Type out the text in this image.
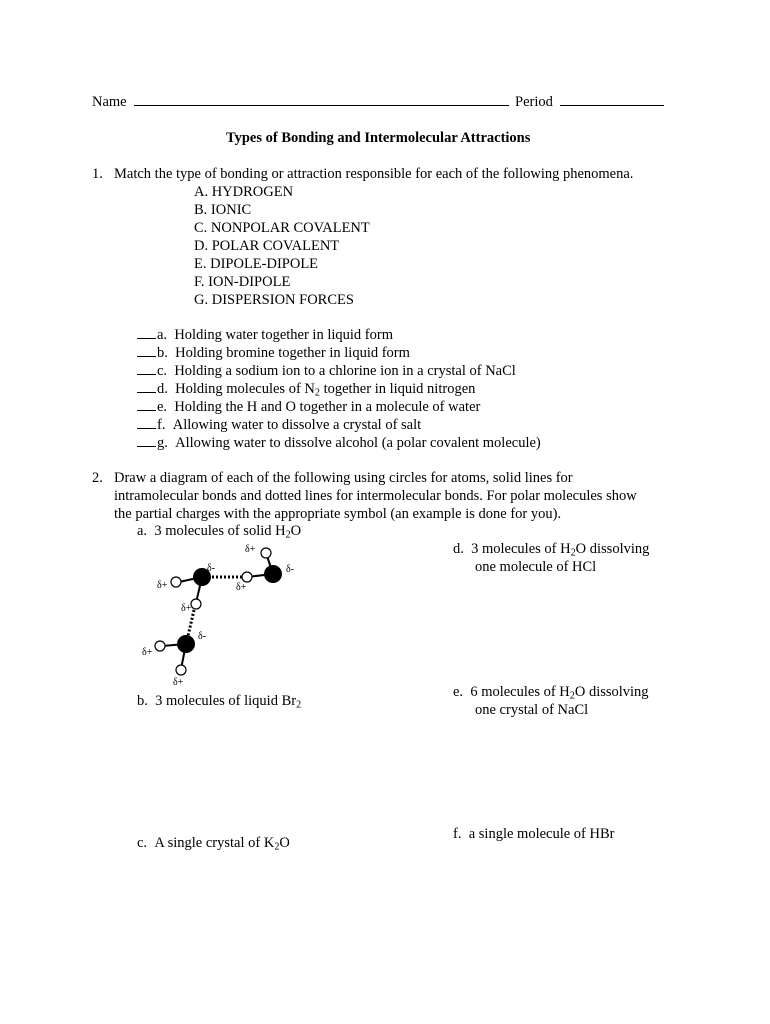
Name	Period
Types of Bonding and Intermolecular Attractions
1. Match the type of bonding or attraction responsible for each of the following phenomena.
A. HYDROGEN
B. IONIC
C. NONPOLAR COVALENT
D. POLAR COVALENT
E. DIPOLE-DIPOLE
F. ION-DIPOLE
G. DISPERSION FORCES
a. Holding water together in liquid form
b. Holding bromine together in liquid form
c. Holding a sodium ion to a chlorine ion in a crystal of NaCl
d. Holding molecules of $N_2$ together in liquid nitrogen
e. Holding the H and O together in a molecule of water
f. Allowing water to dissolve a crystal of salt
g. Allowing water to dissolve alcohol (a polar covalent molecule)
2. Draw a diagram of each of the following using circles for atoms, solid lines for
intramolecular bonds and dotted lines for intermolecular bonds. For polar molecules show
the partial charges with the appropriate symbol (an example is done for you).
a. 3 molecules of solid $H_2O$
d. 3 molecules of $H_2O$ dissolving
one molecule of HCl
δ+
δ-	δ-
δ+	δ+
δ+
δ-
δ+
δ+
e. 6 molecules of $H_2O$ dissolving
one crystal of NaCl
b. 3 molecules of liquid $Br_2$
f. a single molecule of HBr
c. A single crystal of $K_2O$
